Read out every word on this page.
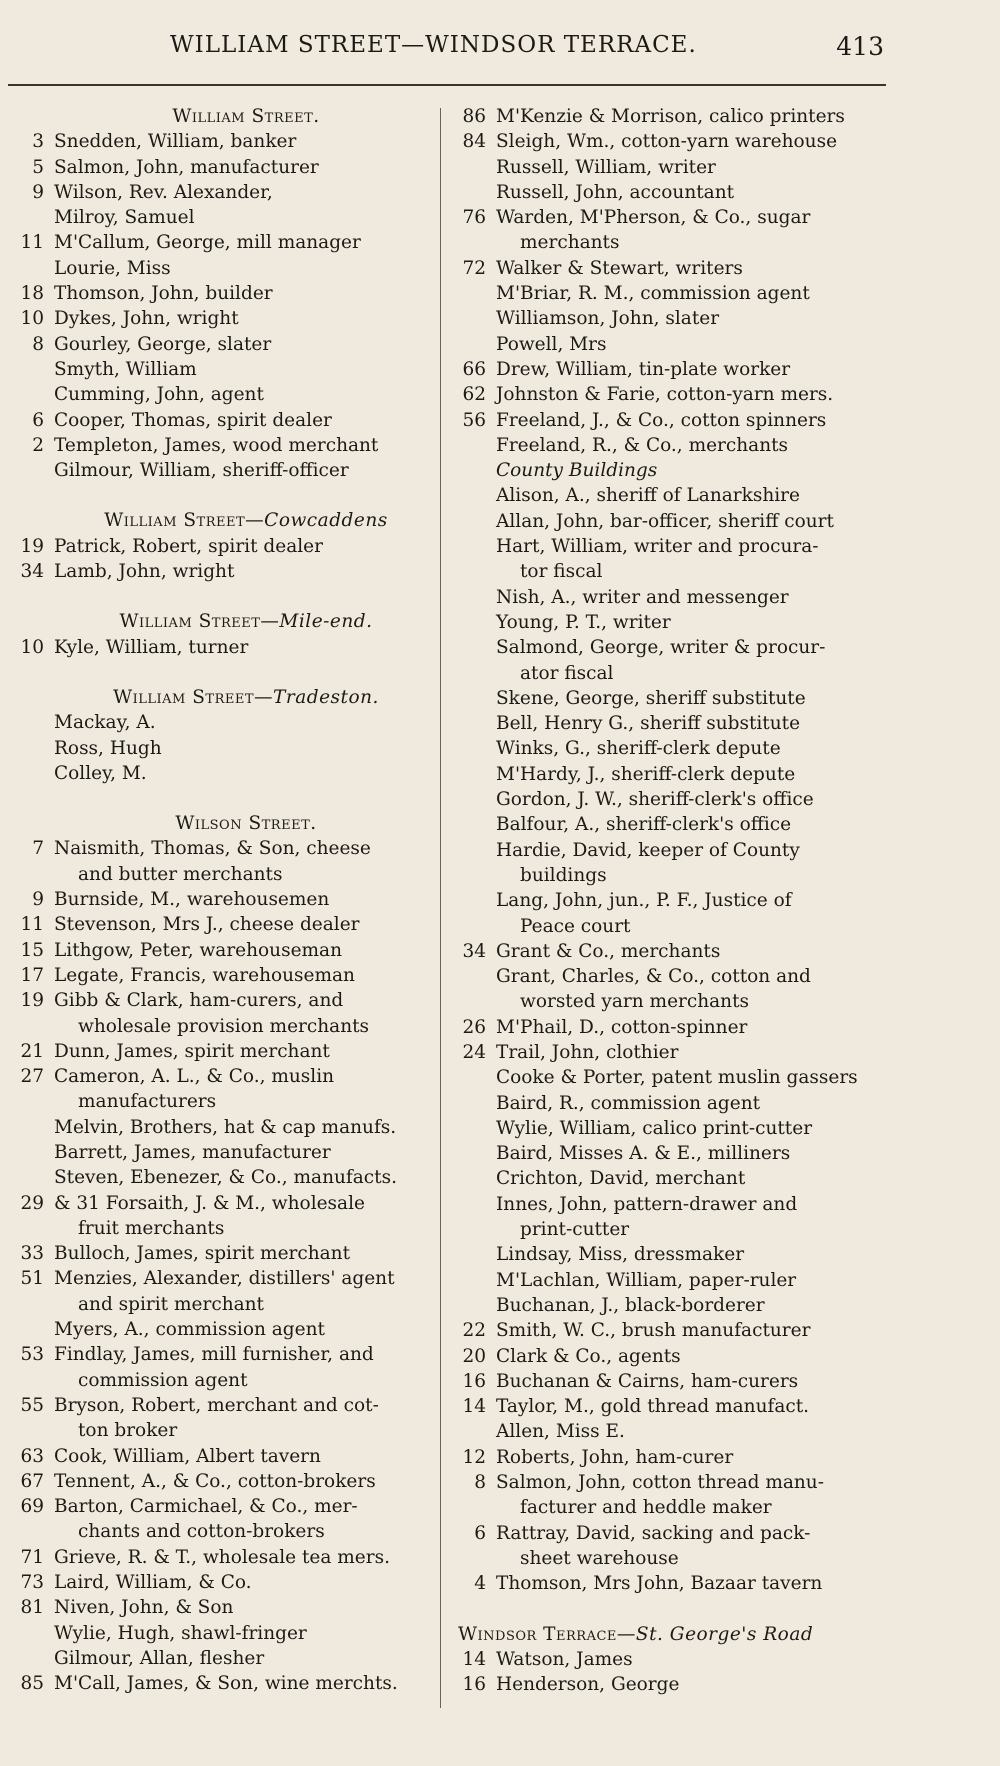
WILLIAM STREET—WINDSOR TERRACE.	413
William Street.
3 Snedden, William, banker
5 Salmon, John, manufacturer
9 Wilson, Rev. Alexander,
Milroy, Samuel
11 M'Callum, George, mill manager
Lourie, Miss
18 Thomson, John, builder
10 Dykes, John, wright
8 Gourley, George, slater
Smyth, William
Cumming, John, agent
6 Cooper, Thomas, spirit dealer
2 Templeton, James, wood merchant
Gilmour, William, sheriff-officer
William Street—Cowcaddens
19 Patrick, Robert, spirit dealer
34 Lamb, John, wright
William Street—Mile-end.
10 Kyle, William, turner
William Street—Tradeston.
Mackay, A.
Ross, Hugh
Colley, M.
Wilson Street.
7 Naismith, Thomas, & Son, cheese
and butter merchants
9 Burnside, M., warehousemen
11 Stevenson, Mrs J., cheese dealer
15 Lithgow, Peter, warehouseman
17 Legate, Francis, warehouseman
19 Gibb & Clark, ham-curers, and
wholesale provision merchants
21 Dunn, James, spirit merchant
27 Cameron, A. L., & Co., muslin
manufacturers
Melvin, Brothers, hat & cap manufs.
Barrett, James, manufacturer
Steven, Ebenezer, & Co., manufacts.
29 & 31 Forsaith, J. & M., wholesale
fruit merchants
33 Bulloch, James, spirit merchant
51 Menzies, Alexander, distillers' agent
and spirit merchant
Myers, A., commission agent
53 Findlay, James, mill furnisher, and
commission agent
55 Bryson, Robert, merchant and cot-
ton broker
63 Cook, William, Albert tavern
67 Tennent, A., & Co., cotton-brokers
69 Barton, Carmichael, & Co., mer-
chants and cotton-brokers
71 Grieve, R. & T., wholesale tea mers.
73 Laird, William, & Co.
81 Niven, John, & Son
Wylie, Hugh, shawl-fringer
Gilmour, Allan, flesher
85 M'Call, James, & Son, wine merchts.
86 M'Kenzie & Morrison, calico printers
84 Sleigh, Wm., cotton-yarn warehouse
Russell, William, writer
Russell, John, accountant
76 Warden, M'Pherson, & Co., sugar
merchants
72 Walker & Stewart, writers
M'Briar, R. M., commission agent
Williamson, John, slater
Powell, Mrs
66 Drew, William, tin-plate worker
62 Johnston & Farie, cotton-yarn mers.
56 Freeland, J., & Co., cotton spinners
Freeland, R., & Co., merchants
County Buildings
Alison, A., sheriff of Lanarkshire
Allan, John, bar-officer, sheriff court
Hart, William, writer and procura-
tor fiscal
Nish, A., writer and messenger
Young, P. T., writer
Salmond, George, writer & procur-
ator fiscal
Skene, George, sheriff substitute
Bell, Henry G., sheriff substitute
Winks, G., sheriff-clerk depute
M'Hardy, J., sheriff-clerk depute
Gordon, J. W., sheriff-clerk's office
Balfour, A., sheriff-clerk's office
Hardie, David, keeper of County
buildings
Lang, John, jun., P. F., Justice of
Peace court
34 Grant & Co., merchants
Grant, Charles, & Co., cotton and
worsted yarn merchants
26 M'Phail, D., cotton-spinner
24 Trail, John, clothier
Cooke & Porter, patent muslin gassers
Baird, R., commission agent
Wylie, William, calico print-cutter
Baird, Misses A. & E., milliners
Crichton, David, merchant
Innes, John, pattern-drawer and
print-cutter
Lindsay, Miss, dressmaker
M'Lachlan, William, paper-ruler
Buchanan, J., black-borderer
22 Smith, W. C., brush manufacturer
20 Clark & Co., agents
16 Buchanan & Cairns, ham-curers
14 Taylor, M., gold thread manufact.
Allen, Miss E.
12 Roberts, John, ham-curer
8 Salmon, John, cotton thread manu-
facturer and heddle maker
6 Rattray, David, sacking and pack-
sheet warehouse
4 Thomson, Mrs John, Bazaar tavern
Windsor Terrace—St. George's Road
14 Watson, James
16 Henderson, George
